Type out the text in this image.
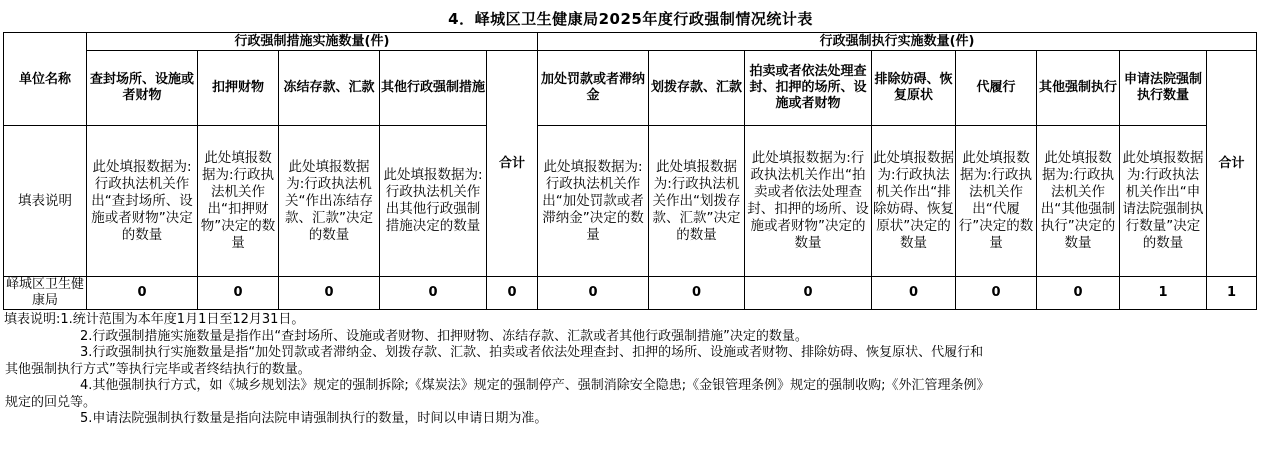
4．峄城区卫生健康局2025年度行政强制情况统计表
单位名称	行政强制措施实施数量(件)					行政强制执行实施数量(件)							
	查封场所、设施或者财物	扣押财物	冻结存款、汇款	其他行政强制措施	合计	加处罚款或者滞纳金	划拨存款、汇款	拍卖或者依法处理查封、扣押的场所、设施或者财物	排除妨碍、恢复原状	代履行	其他强制执行	申请法院强制执行数量	合计
填表说明	此处填报数据为:行政执法机关作出“查封场所、设施或者财物”决定的数量	此处填报数据为:行政执法机关作出“扣押财物”决定的数量	此处填报数据为:行政执法机关“作出冻结存款、汇款”决定的数量	此处填报数据为:行政执法机关作出其他行政强制措施决定的数量		此处填报数据为:行政执法机关作出“加处罚款或者滞纳金”决定的数量	此处填报数据为:行政执法机关作出“划拨存款、汇款”决定的数量	此处填报数据为:行政执法机关作出“拍卖或者依法处理查封、扣押的场所、设施或者财物”决定的数量	此处填报数据为:行政执法机关作出“排除妨碍、恢复原状”决定的数量	此处填报数据为:行政执法机关作出“代履行”决定的数量	此处填报数据为:行政执法机关作出“其他强制执行”决定的数量	此处填报数据为:行政执法机关作出“申请法院强制执行数量”决定的数量	
峄城区卫生健康局	0	0	0	0	0	0	0	0	0	0	0	1	1
填表说明: 1.统计范围为本年度1月1日至12月31日。
2.行政强制措施实施数量是指作出“查封场所、设施或者财物、扣押财物、冻结存款、汇款或者其他行政强制措施”决定的数量。
3.行政强制执行实施数量是指“加处罚款或者滞纳金、划拨存款、汇款、拍卖或者依法处理查封、扣押的场所、设施或者财物、排除妨碍、恢复原状、代履行和
其他强制执行方式”等执行完毕或者终结执行的数量。
4.其他强制执行方式，如《城乡规划法》规定的强制拆除;《煤炭法》规定的强制停产、强制消除安全隐患;《金银管理条例》规定的强制收购;《外汇管理条例》
规定的回兑等。
5.申请法院强制执行数量是指向法院申请强制执行的数量，时间以申请日期为准。
